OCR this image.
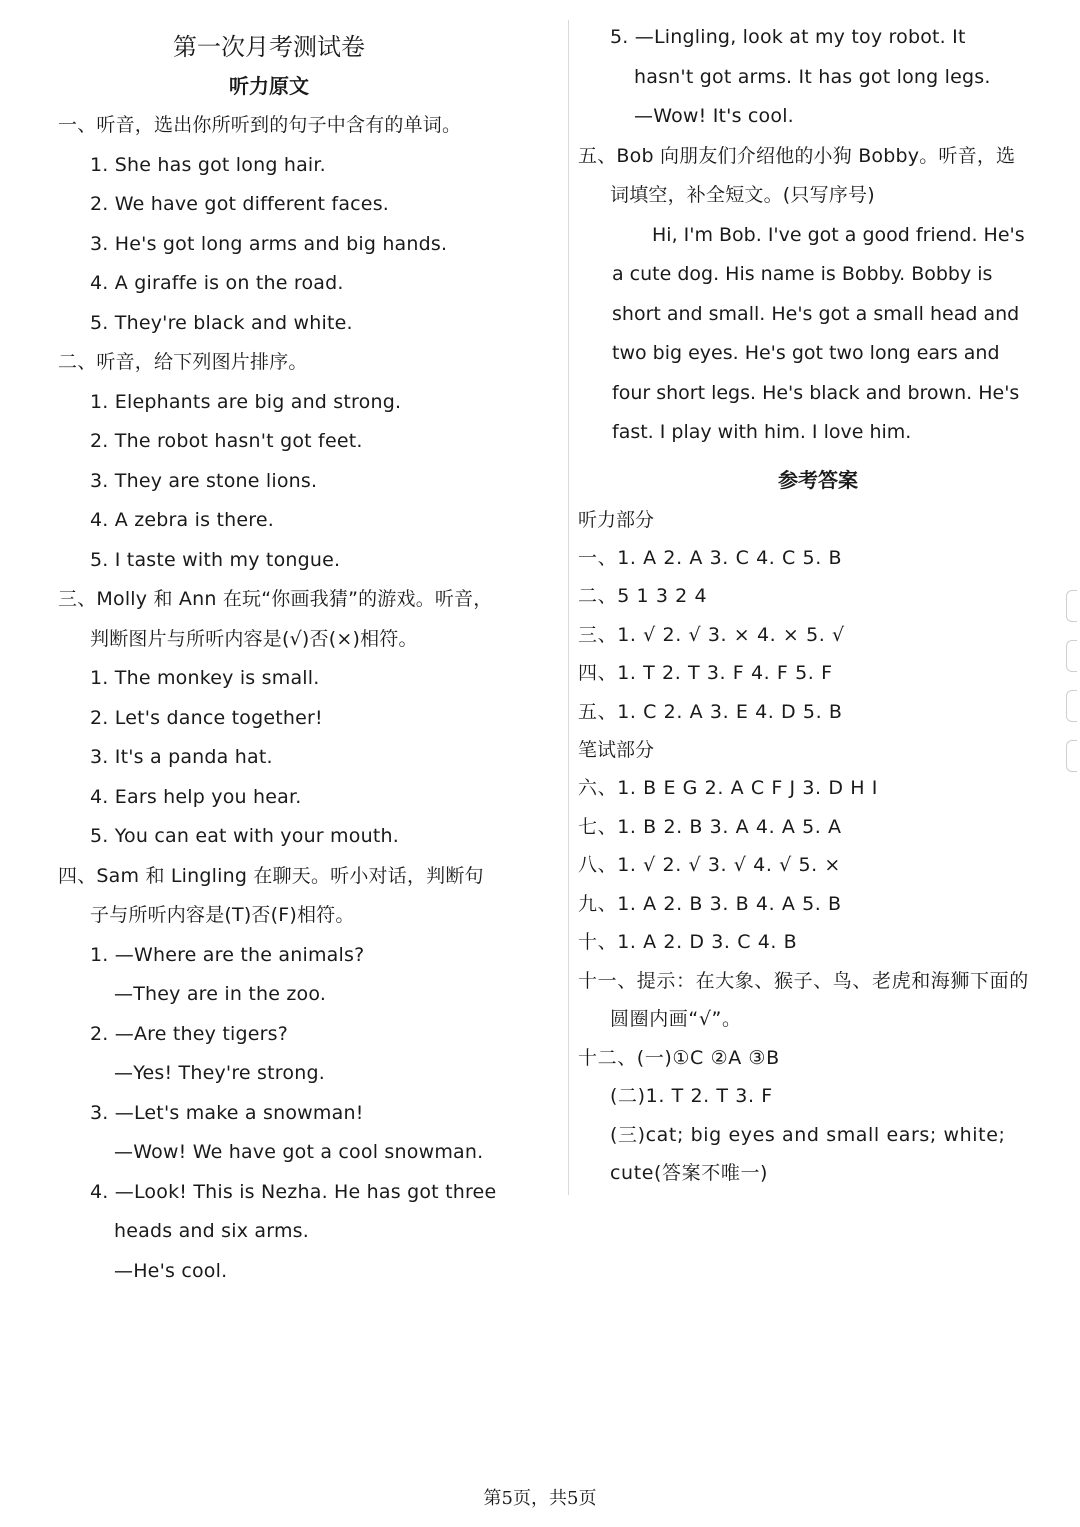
第一次月考测试卷
听力原文
一、听音，选出你所听到的句子中含有的单词。
1. She has got long hair.
2. We have got different faces.
3. He's got long arms and big hands.
4. A giraffe is on the road.
5. They're black and white.
二、听音，给下列图片排序。
1. Elephants are big and strong.
2. The robot hasn't got feet.
3. They are stone lions.
4. A zebra is there.
5. I taste with my tongue.
三、Molly 和 Ann 在玩“你画我猜”的游戏。听音，
判断图片与所听内容是(√)否(×)相符。
1. The monkey is small.
2. Let's dance together!
3. It's a panda hat.
4. Ears help you hear.
5. You can eat with your mouth.
四、Sam 和 Lingling 在聊天。听小对话，判断句
子与所听内容是(T)否(F)相符。
1. —Where are the animals?
—They are in the zoo.
2. —Are they tigers?
—Yes! They're strong.
3. —Let's make a snowman!
—Wow! We have got a cool snowman.
4. —Look! This is Nezha. He has got three
heads and six arms.
—He's cool.
5. —Lingling, look at my toy robot. It
hasn't got arms. It has got long legs.
—Wow! It's cool.
五、Bob 向朋友们介绍他的小狗 Bobby。听音，选
词填空，补全短文。(只写序号)
Hi, I'm Bob. I've got a good friend. He's
a cute dog. His name is Bobby. Bobby is
short and small. He's got a small head and
two big eyes. He's got two long ears and
four short legs. He's black and brown. He's
fast. I play with him. I love him.
参考答案
听力部分
一、1. A 2. A 3. C 4. C 5. B
二、5 1 3 2 4
三、1. √ 2. √ 3. × 4. × 5. √
四、1. T 2. T 3. F 4. F 5. F
五、1. C 2. A 3. E 4. D 5. B
笔试部分
六、1. B E G 2. A C F J 3. D H I
七、1. B 2. B 3. A 4. A 5. A
八、1. √ 2. √ 3. √ 4. √ 5. ×
九、1. A 2. B 3. B 4. A 5. B
十、1. A 2. D 3. C 4. B
十一、提示：在大象、猴子、鸟、老虎和海狮下面的
圆圈内画“√”。
十二、(一)①C ②A ③B
(二)1. T 2. T 3. F
(三)cat; big eyes and small ears; white;
cute(答案不唯一)
第5页，共5页
